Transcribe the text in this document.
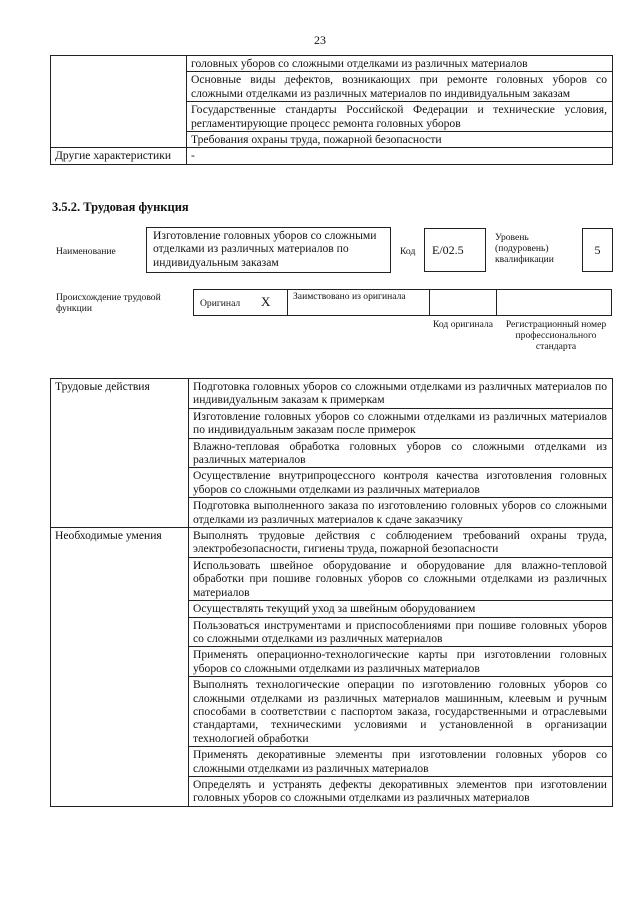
23
	головных уборов со сложными отделками из различных материалов
	Основные виды дефектов, возникающих при ремонте головных уборов со сложными отделками из различных материалов по индивидуальным заказам
	Государственные стандарты Российской Федерации и технические условия, регламентирующие процесс ремонта головных уборов
	Требования охраны труда, пожарной безопасности
Другие характеристики	-
3.5.2. Трудовая функция
Наименование
Изготовление головных уборов со сложными отделками из различных материалов по индивидуальным заказам
Код	E/02.5
Уровень (подуровень) квалификации
5
Происхождение трудовой функции	Оригинал X Заимствовано из оригинала
Код оригинала	Регистрационный номер профессионального стандарта
Трудовые действия	Подготовка головных уборов со сложными отделками из различных материалов по индивидуальным заказам к примеркам
	Изготовление головных уборов со сложными отделками из различных материалов по индивидуальным заказам после примерок
	Влажно-тепловая обработка головных уборов со сложными отделками из различных материалов
	Осуществление внутрипроцессного контроля качества изготовления головных уборов со сложными отделками из различных материалов
	Подготовка выполненного заказа по изготовлению головных уборов со сложными отделками из различных материалов к сдаче заказчику
Необходимые умения	Выполнять трудовые действия с соблюдением требований охраны труда, электробезопасности, гигиены труда, пожарной безопасности
	Использовать швейное оборудование и оборудование для влажно-тепловой обработки при пошиве головных уборов со сложными отделками из различных материалов
	Осуществлять текущий уход за швейным оборудованием
	Пользоваться инструментами и приспособлениями при пошиве головных уборов со сложными отделками из различных материалов
	Применять операционно-технологические карты при изготовлении головных уборов со сложными отделками из различных материалов
	Выполнять технологические операции по изготовлению головных уборов со сложными отделками из различных материалов машинным, клеевым и ручным способами в соответствии с паспортом заказа, государственными и отраслевыми стандартами, техническими условиями и установленной в организации технологией обработки
	Применять декоративные элементы при изготовлении головных уборов со сложными отделками из различных материалов
	Определять и устранять дефекты декоративных элементов при изготовлении головных уборов со сложными отделками из различных материалов
